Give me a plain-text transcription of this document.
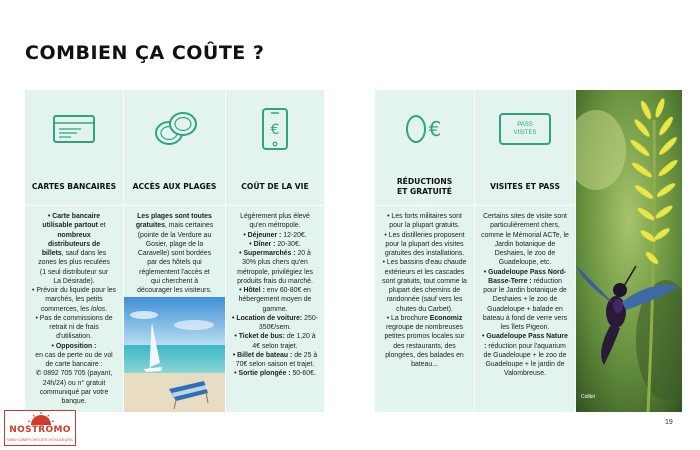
COMBIEN ÇA COÛTE ?
CARTES BANCAIRES

• Carte bancaire
utilisable partout et nombreux
distributeurs de
billets, sauf dans les
zones les plus reculées
(1 seul distributeur sur
La Désirade).

• Prévoir du liquide pour les marchés, les petits commerces, les lolos.

• Pas de commissions de retrait ni de frais d'utilisation.

• Opposition :
en cas de perte ou de vol de carte bancaire :
✆ 0892 705 705 (payant, 24h/24) ou n° gratuit communiqué par votre banque.

ACCÈS AUX PLAGES

Les plages sont toutes gratuites, mais certaines (pointe de la Verdure au Gosier, plage de la Caravelle) sont bordées par des hôtels qui réglementent l'accès et qui cherchent à décourager les visiteurs.

€
COÛT DE LA VIE

Légèrement plus élevé qu'en métropole.

• Déjeuner : 12-20€.

• Dîner : 20-30€.

• Supermarchés : 20 à 30% plus chers qu'en métropole, privilégiez les produits frais du marché.

• Hôtel : env 60-80€ en hébergement moyen de gamme.

• Location de voiture: 250-350€/sem.

• Ticket de bus: de 1,20 à 4€ selon trajet.

• Billet de bateau : de 25 à 70€ selon saison et trajet.

• Sortie plongée : 50-60€.

€
RÉDUCTIONS
ET GRATUITÉ

• Les forts militaires sont pour la plupart gratuits.

• Les distilleries proposent pour la plupart des visites gratuites des installations.

• Les bassins d'eau chaude extérieurs et les cascades sont gratuits, tout comme la plupart des chemins de randonnée (sauf vers les chutes du Carbet).

• La brochure Economiz regroupe de nombreuses petites promos locales sur des restaurants, des plongées, des balades en bateau...

PASS
VISITES
VISITES ET PASS

Certains sites de visite sont particulièrement chers, comme le Mémorial ACTe, le Jardin botanique de Deshaies, le zoo de Guadeloupe, etc.

• Guadeloupe Pass Nord-Basse-Terre : réduction pour le Jardin botanique de Deshaies + le zoo de Guadeloupe + balade en bateau à fond de verre vers les îlets Pigeon.

• Guadeloupe Pass Nature : réduction pour l'aquarium de Guadeloupe + le zoo de Guadeloupe + le jardin de Valombreuse.

Colibri
19
NOSTROMO
WEB COMPTOIR DES VOYAGEURS
